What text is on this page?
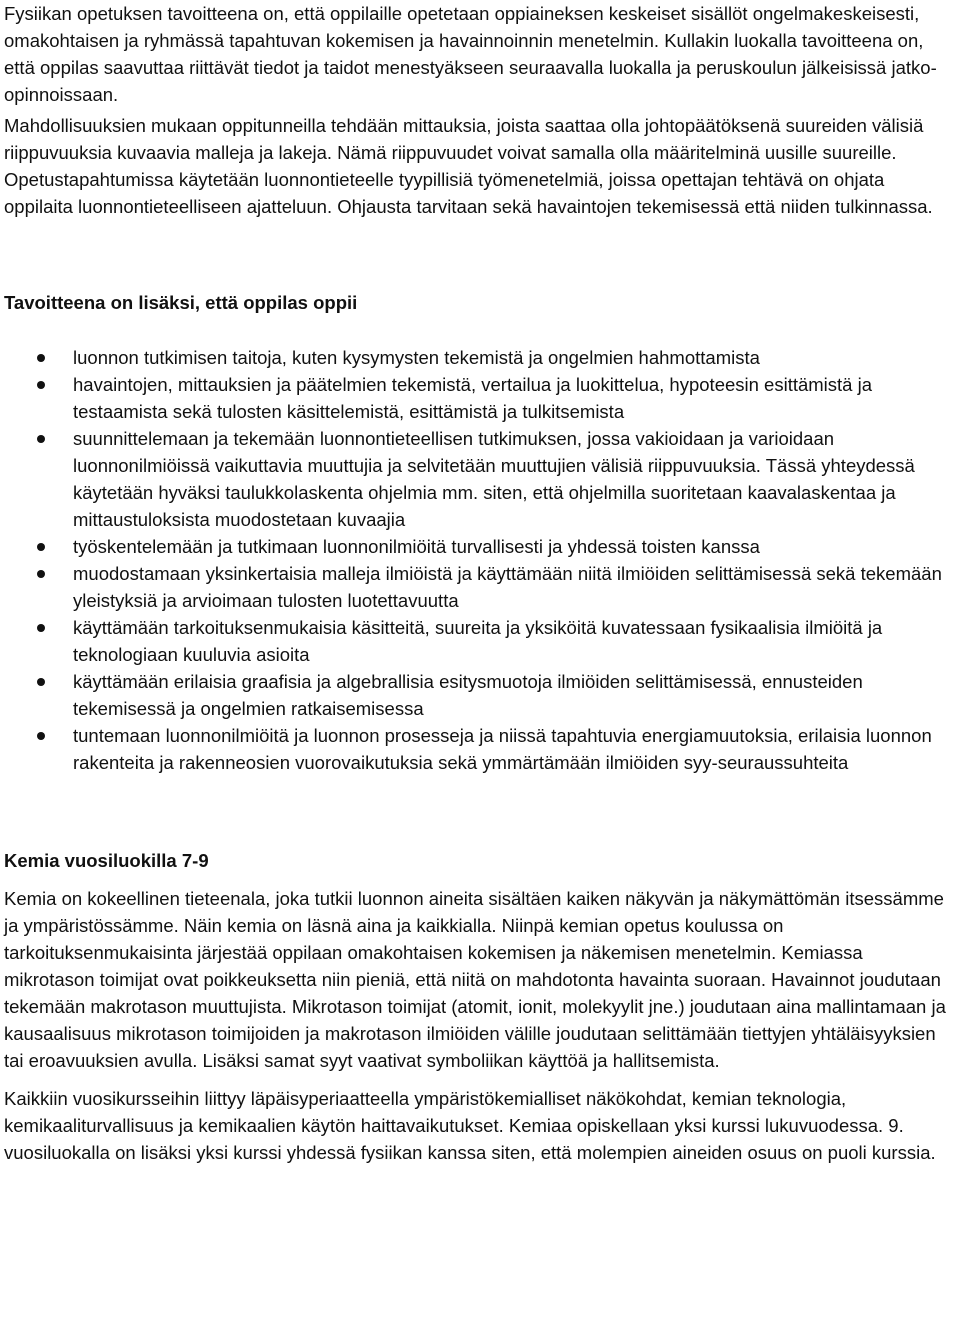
Fysiikan opetuksen tavoitteena on, että oppilaille opetetaan oppiaineksen keskeiset sisällöt ongelmakeskeisesti, omakohtaisen ja ryhmässä tapahtuvan kokemisen ja havainnoinnin menetelmin. Kullakin luokalla tavoitteena on, että oppilas saavuttaa riittävät tiedot ja taidot menestyäkseen seuraavalla luokalla ja peruskoulun jälkeisissä jatko-opinnoissaan.

Mahdollisuuksien mukaan oppitunneilla tehdään mittauksia, joista saattaa olla johtopäätöksenä suureiden välisiä riippuvuuksia kuvaavia malleja ja lakeja. Nämä riippuvuudet voivat samalla olla määritelminä uusille suureille. Opetustapahtumissa käytetään luonnontieteelle tyypillisiä työmenetelmiä, joissa opettajan tehtävä on ohjata oppilaita luonnontieteelliseen ajatteluun. Ohjausta tarvitaan sekä havaintojen tekemisessä että niiden tulkinnassa.

Tavoitteena on lisäksi, että oppilas oppii

luonnon tutkimisen taitoja, kuten kysymysten tekemistä ja ongelmien hahmottamista
havaintojen, mittauksien ja päätelmien tekemistä, vertailua ja luokittelua, hypoteesin esittämistä ja testaamista sekä tulosten käsittelemistä, esittämistä ja tulkitsemista
suunnittelemaan ja tekemään luonnontieteellisen tutkimuksen, jossa vakioidaan ja varioidaan luonnonilmiöissä vaikuttavia muuttujia ja selvitetään muuttujien välisiä riippuvuuksia. Tässä yhteydessä käytetään hyväksi taulukkolaskenta ohjelmia mm. siten, että ohjelmilla suoritetaan kaavalaskentaa ja mittaustuloksista muodostetaan kuvaajia
työskentelemään ja tutkimaan luonnonilmiöitä turvallisesti ja yhdessä toisten kanssa
muodostamaan yksinkertaisia malleja ilmiöistä ja käyttämään niitä ilmiöiden selittämisessä sekä tekemään yleistyksiä ja arvioimaan tulosten luotettavuutta
käyttämään tarkoituksenmukaisia käsitteitä, suureita ja yksiköitä kuvatessaan fysikaalisia ilmiöitä ja teknologiaan kuuluvia asioita
käyttämään erilaisia graafisia ja algebrallisia esitysmuotoja ilmiöiden selittämisessä, ennusteiden tekemisessä ja ongelmien ratkaisemisessa
tuntemaan luonnonilmiöitä ja luonnon prosesseja ja niissä tapahtuvia energiamuutoksia, erilaisia luonnon rakenteita ja rakenneosien vuorovaikutuksia sekä ymmärtämään ilmiöiden syy-seuraussuhteita

Kemia vuosiluokilla 7-9

Kemia on kokeellinen tieteenala, joka tutkii luonnon aineita sisältäen kaiken näkyvän ja näkymättömän itsessämme ja ympäristössämme. Näin kemia on läsnä aina ja kaikkialla. Niinpä kemian opetus koulussa on tarkoituksenmukaisinta järjestää oppilaan omakohtaisen kokemisen ja näkemisen menetelmin. Kemiassa mikrotason toimijat ovat poikkeuksetta niin pieniä, että niitä on mahdotonta havainta suoraan. Havainnot joudutaan tekemään makrotason muuttujista. Mikrotason toimijat (atomit, ionit, molekyylit jne.) joudutaan aina mallintamaan ja kausaalisuus mikrotason toimijoiden ja makrotason ilmiöiden välille joudutaan selittämään tiettyjen yhtäläisyyksien tai eroavuuksien avulla. Lisäksi samat syyt vaativat symboliikan käyttöä ja hallitsemista.

Kaikkiin vuosikursseihin liittyy läpäisyperiaatteella ympäristökemialliset näkökohdat, kemian teknologia, kemikaaliturvallisuus ja kemikaalien käytön haittavaikutukset. Kemiaa opiskellaan yksi kurssi lukuvuodessa. 9. vuosiluokalla on lisäksi yksi kurssi yhdessä fysiikan kanssa siten, että molempien aineiden osuus on puoli kurssia.
